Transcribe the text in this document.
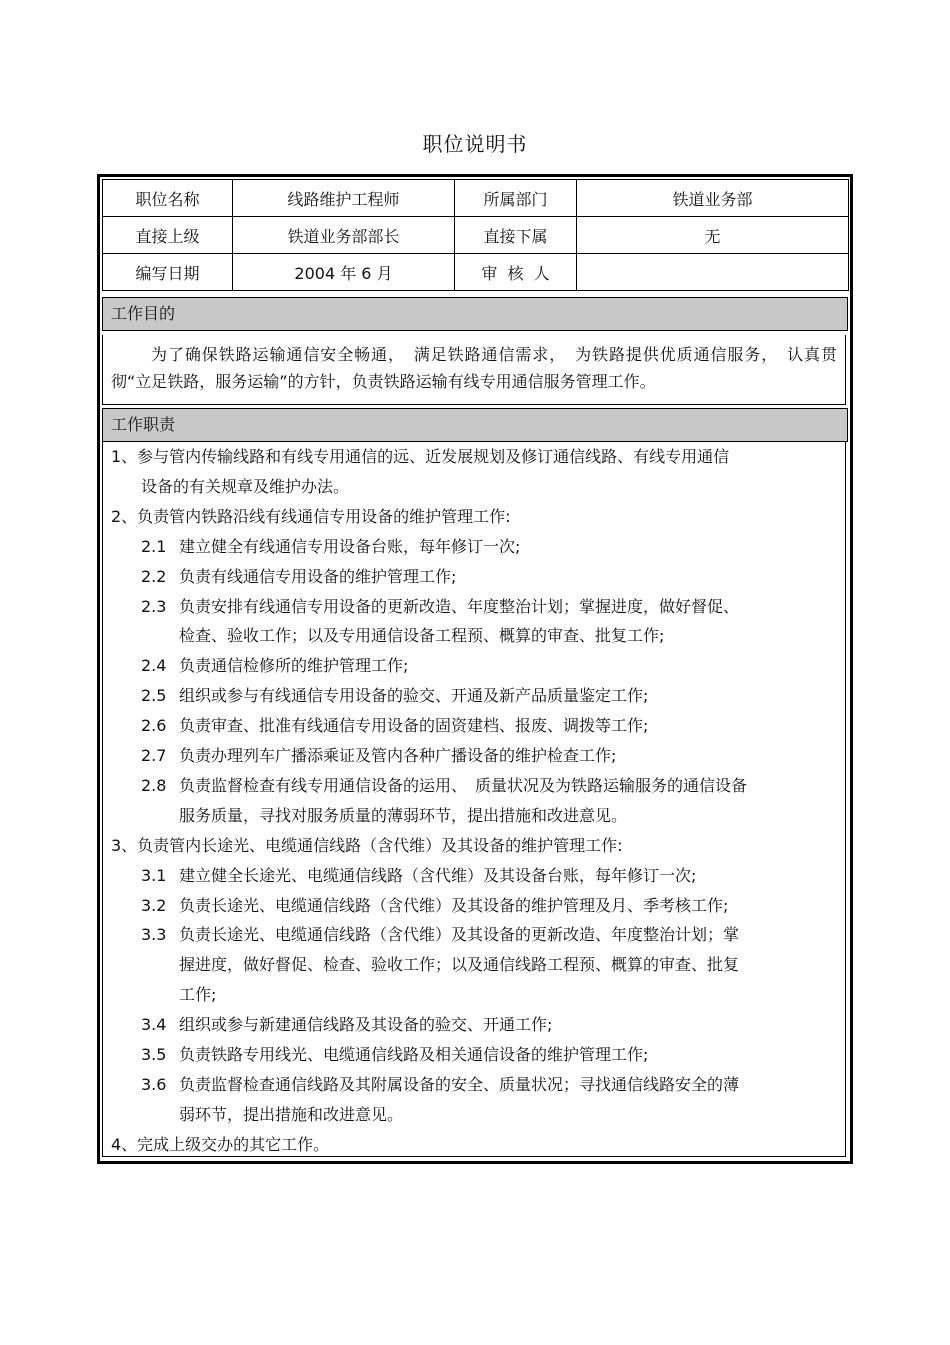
职位说明书
职位名称	线路维护工程师	所属部门	铁道业务部
直接上级	铁道业务部部长	直接下属	无
编写日期	2004 年 6 月	审  核  人	
工作目的

为了确保铁路运输通信安全畅通，　满足铁路通信需求，　为铁路提供优质通信服务，　认真贯彻“立足铁路，服务运输”的方针，负责铁路运输有线专用通信服务管理工作。

工作职责
1、参与管内传输线路和有线专用通信的远、近发展规划及修订通信线路、有线专用通信
设备的有关规章及维护办法。
2、负责管内铁路沿线有线通信专用设备的维护管理工作:
2.1 建立健全有线通信专用设备台账，每年修订一次;
2.2 负责有线通信专用设备的维护管理工作;
2.3 负责安排有线通信专用设备的更新改造、年度整治计划；掌握进度，做好督促、
检查、验收工作；以及专用通信设备工程预、概算的审查、批复工作;
2.4 负责通信检修所的维护管理工作;
2.5 组织或参与有线通信专用设备的验交、开通及新产品质量鉴定工作;
2.6 负责审查、批准有线通信专用设备的固资建档、报废、调拨等工作;
2.7 负责办理列车广播添乘证及管内各种广播设备的维护检查工作;
2.8 负责监督检查有线专用通信设备的运用、　质量状况及为铁路运输服务的通信设备
服务质量，寻找对服务质量的薄弱环节，提出措施和改进意见。
3、负责管内长途光、电缆通信线路（含代维）及其设备的维护管理工作:
3.1 建立健全长途光、电缆通信线路（含代维）及其设备台账，每年修订一次;
3.2 负责长途光、电缆通信线路（含代维）及其设备的维护管理及月、季考核工作;
3.3 负责长途光、电缆通信线路（含代维）及其设备的更新改造、年度整治计划；掌
握进度，做好督促、检查、验收工作；以及通信线路工程预、概算的审查、批复
工作;
3.4 组织或参与新建通信线路及其设备的验交、开通工作;
3.5 负责铁路专用线光、电缆通信线路及相关通信设备的维护管理工作;
3.6 负责监督检查通信线路及其附属设备的安全、质量状况；寻找通信线路安全的薄
弱环节，提出措施和改进意见。
4、完成上级交办的其它工作。
